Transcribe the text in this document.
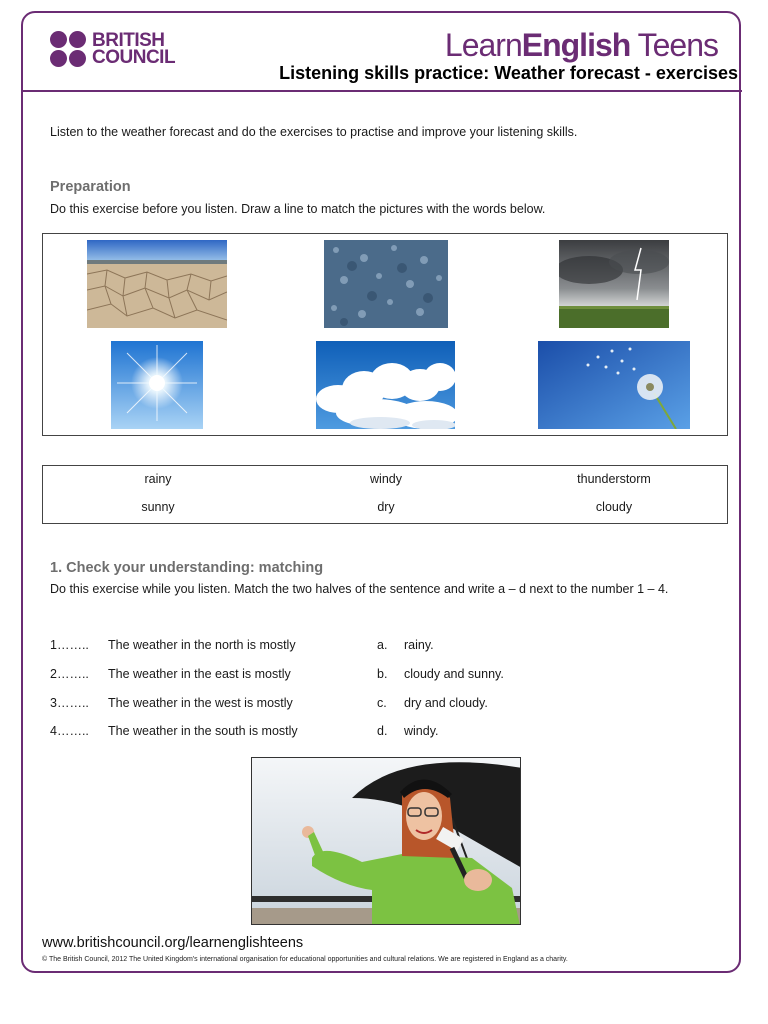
BRITISH
COUNCIL	LearnEnglish Teens
Listening skills practice: Weather forecast - exercises
Listen to the weather forecast and do the exercises to practise and improve your listening skills.
Preparation
Do this exercise before you listen. Draw a line to match the pictures with the words below.
rainy	windy	thunderstorm
sunny	dry	cloudy
1. Check your understanding: matching
Do this exercise while you listen. Match the two halves of the sentence and write a – d next to the number 1 – 4.
1…….. The weather in the north is mostly	a. rainy.
2…….. The weather in the east is mostly	b. cloudy and sunny.
3…….. The weather in the west is mostly	c. dry and cloudy.
4…….. The weather in the south is mostly	d. windy.
www.britishcouncil.org/learnenglishteens
© The British Council, 2012 The United Kingdom's international organisation for educational opportunities and cultural relations. We are registered in England as a charity.
